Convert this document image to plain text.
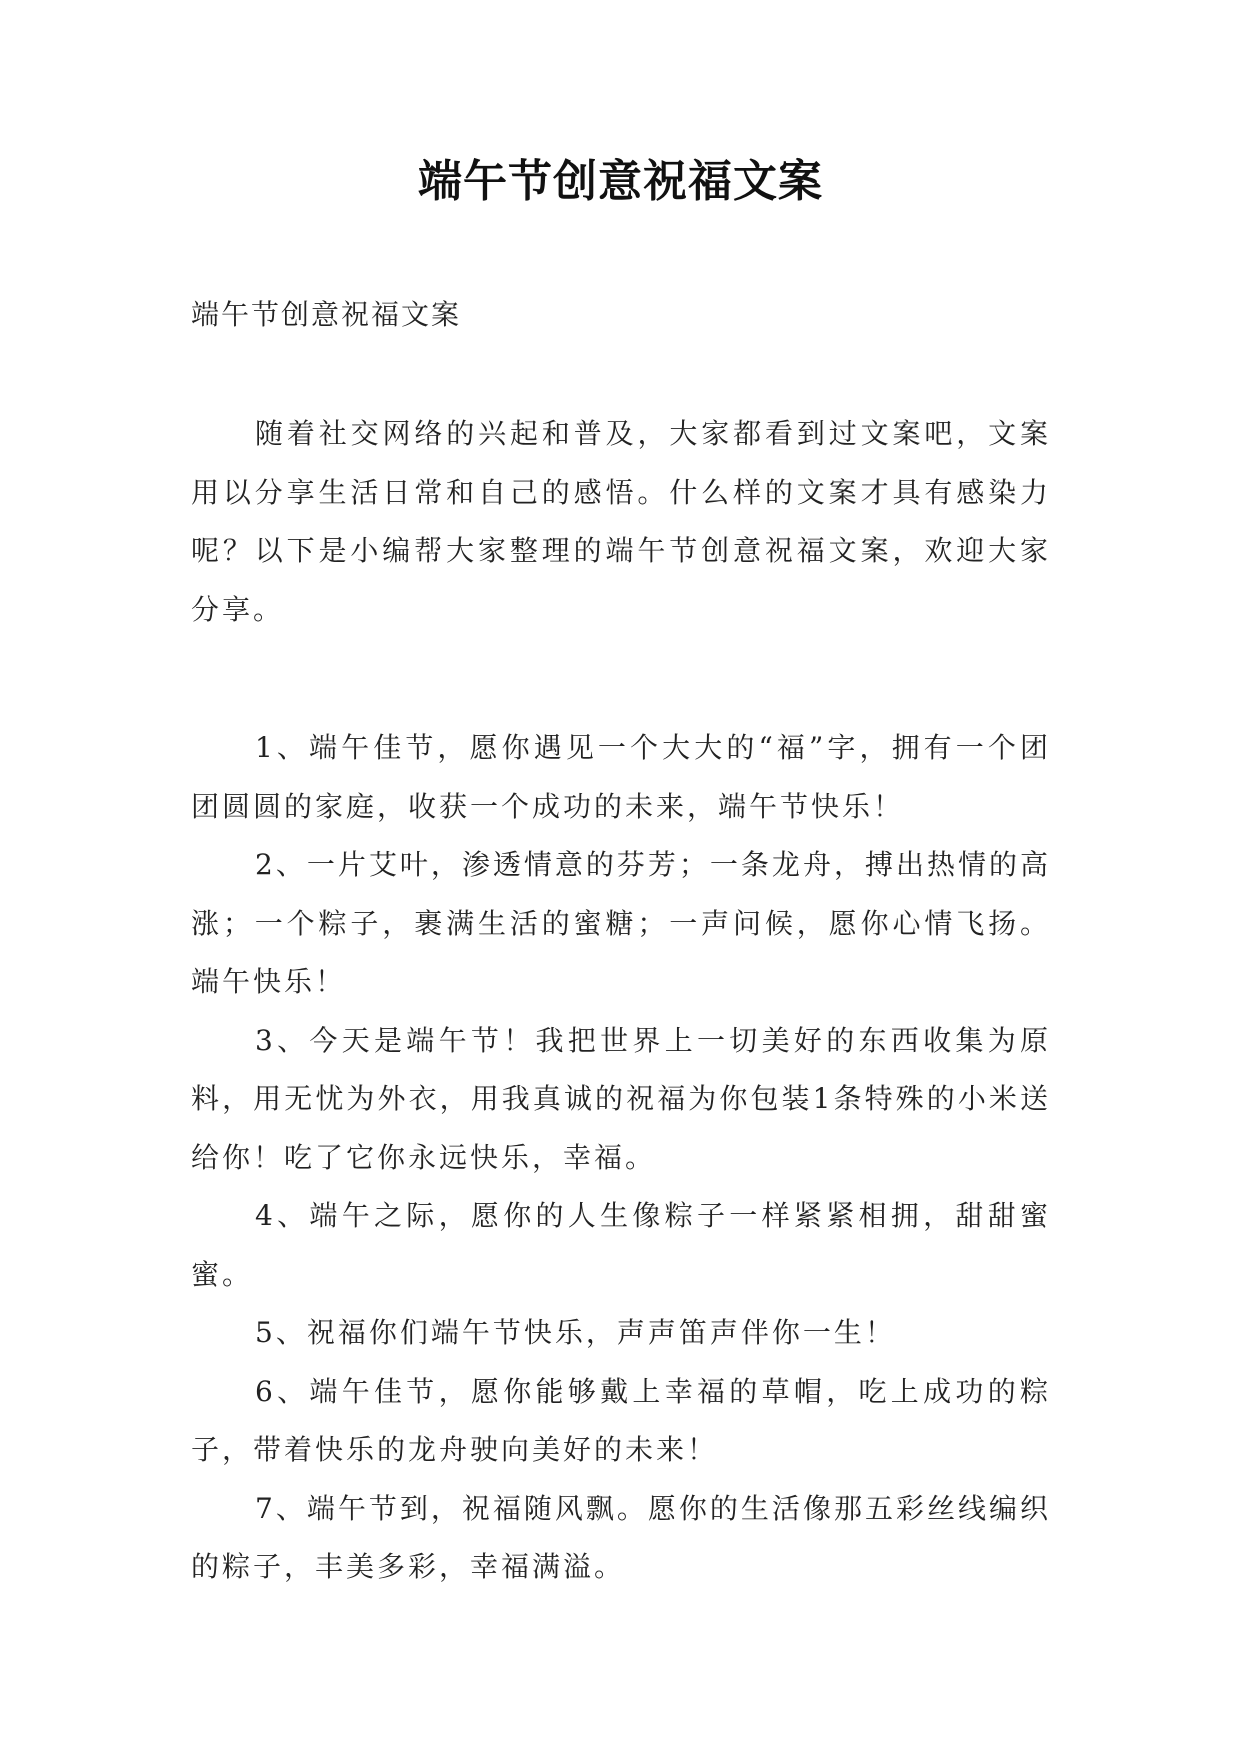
端午节创意祝福文案

端午节创意祝福文案

随着社交网络的兴起和普及，大家都看到过文案吧，文案用以分享生活日常和自己的感悟。什么样的文案才具有感染力呢？以下是小编帮大家整理的端午节创意祝福文案，欢迎大家分享。

1、端午佳节，愿你遇见一个大大的“福”字，拥有一个团团圆圆的家庭，收获一个成功的未来，端午节快乐！

2、一片艾叶，渗透情意的芬芳；一条龙舟，搏出热情的高涨；一个粽子，裹满生活的蜜糖；一声问候，愿你心情飞扬。端午快乐！

3、今天是端午节！我把世界上一切美好的东西收集为原料，用无忧为外衣，用我真诚的祝福为你包装1条特殊的小米送给你！吃了它你永远快乐，幸福。

4、端午之际，愿你的人生像粽子一样紧紧相拥，甜甜蜜蜜。

5、祝福你们端午节快乐，声声笛声伴你一生！

6、端午佳节，愿你能够戴上幸福的草帽，吃上成功的粽子，带着快乐的龙舟驶向美好的未来！

7、端午节到，祝福随风飘。愿你的生活像那五彩丝线编织的粽子，丰美多彩，幸福满溢。
